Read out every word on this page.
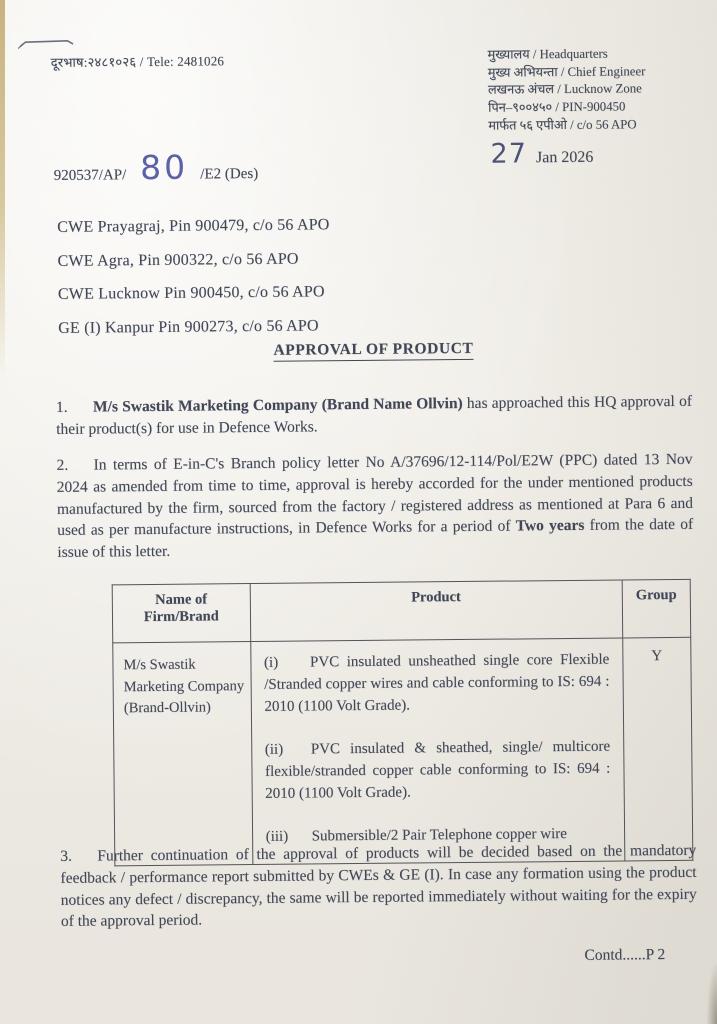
दूरभाष:२४८१०२६ / Tele: 2481026	मुख्यालय / Headquarters
मुख्य अभियन्ता / Chief Engineer
लखनऊ अंचल / Lucknow Zone
पिन–९००४५० / PIN-900450
मार्फत ५६ एपीओ / c/o 56 APO
920537/AP/ 80 /E2 (Des)
27 Jan 2026
CWE Prayagraj, Pin 900479, c/o 56 APO
CWE Agra, Pin 900322, c/o 56 APO
CWE Lucknow Pin 900450, c/o 56 APO
GE (I) Kanpur Pin 900273, c/o 56 APO
APPROVAL OF PRODUCT
1. M/s Swastik Marketing Company (Brand Name Ollvin) has approached this HQ approval of their product(s) for use in Defence Works.
2. In terms of E-in-C's Branch policy letter No A/37696/12-114/Pol/E2W (PPC) dated 13 Nov 2024 as amended from time to time, approval is hereby accorded for the under mentioned products manufactured by the firm, sourced from the factory / registered address as mentioned at Para 6 and used as per manufacture instructions, in Defence Works for a period of Two years from the date of issue of this letter.
Name of Firm/Brand	Product	Group
M/s Swastik Marketing Company (Brand-Ollvin)	(i) PVC insulated unsheathed single core Flexible /Stranded copper wires and cable conforming to IS: 694 : 2010 (1100 Volt Grade).
(ii) PVC insulated & sheathed, single/ multicore flexible/stranded copper cable conforming to IS: 694 : 2010 (1100 Volt Grade).
(iii) Submersible/2 Pair Telephone copper wire	Y
3. Further continuation of the approval of products will be decided based on the mandatory feedback / performance report submitted by CWEs & GE (I). In case any formation using the product notices any defect / discrepancy, the same will be reported immediately without waiting for the expiry of the approval period.
Contd......P 2
